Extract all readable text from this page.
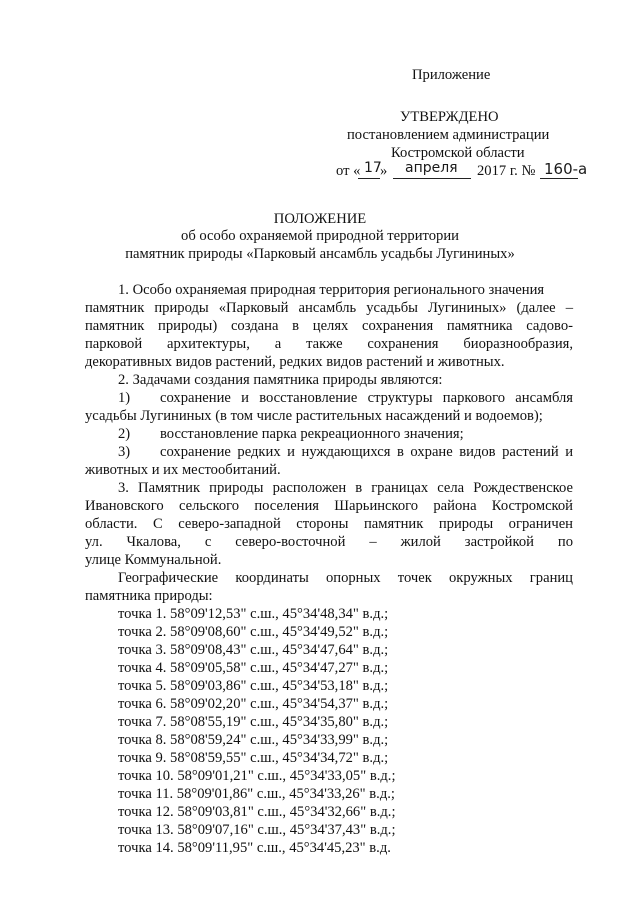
Приложение
УТВЕРЖДЕНО
постановлением администрации
Костромской области
от « 17
» апреля 2017 г. № 160-а
ПОЛОЖЕНИЕ
об особо охраняемой природной территории
памятник природы «Парковый ансамбль усадьбы Лугининых»
1. Особо охраняемая природная территория регионального значения
памятник природы «Парковый ансамбль усадьбы Лугининых» (далее –
памятник природы) создана в целях сохранения памятника садово-
парковой архитектуры, а также сохранения биоразнообразия,
декоративных видов растений, редких видов растений и животных.
2. Задачами создания памятника природы являются:
1) сохранение и восстановление структуры паркового ансамбля
усадьбы Лугининых (в том числе растительных насаждений и водоемов);
2) восстановление парка рекреационного значения;
3) сохранение редких и нуждающихся в охране видов растений и
животных и их местообитаний.
3. Памятник природы расположен в границах села Рождественское
Ивановского сельского поселения Шарьинского района Костромской
области. С северо-западной стороны памятник природы ограничен
ул. Чкалова, с северо-восточной – жилой застройкой по
улице Коммунальной.
Географические координаты опорных точек окружных границ
памятника природы:
точка 1. 58°09'12,53" с.ш., 45°34'48,34" в.д.;
точка 2. 58°09'08,60" с.ш., 45°34'49,52" в.д.;
точка 3. 58°09'08,43" с.ш., 45°34'47,64" в.д.;
точка 4. 58°09'05,58" с.ш., 45°34'47,27" в.д.;
точка 5. 58°09'03,86" с.ш., 45°34'53,18" в.д.;
точка 6. 58°09'02,20" с.ш., 45°34'54,37" в.д.;
точка 7. 58°08'55,19" с.ш., 45°34'35,80" в.д.;
точка 8. 58°08'59,24" с.ш., 45°34'33,99" в.д.;
точка 9. 58°08'59,55" с.ш., 45°34'34,72" в.д.;
точка 10. 58°09'01,21" с.ш., 45°34'33,05" в.д.;
точка 11. 58°09'01,86" с.ш., 45°34'33,26" в.д.;
точка 12. 58°09'03,81" с.ш., 45°34'32,66" в.д.;
точка 13. 58°09'07,16" с.ш., 45°34'37,43" в.д.;
точка 14. 58°09'11,95" с.ш., 45°34'45,23" в.д.
